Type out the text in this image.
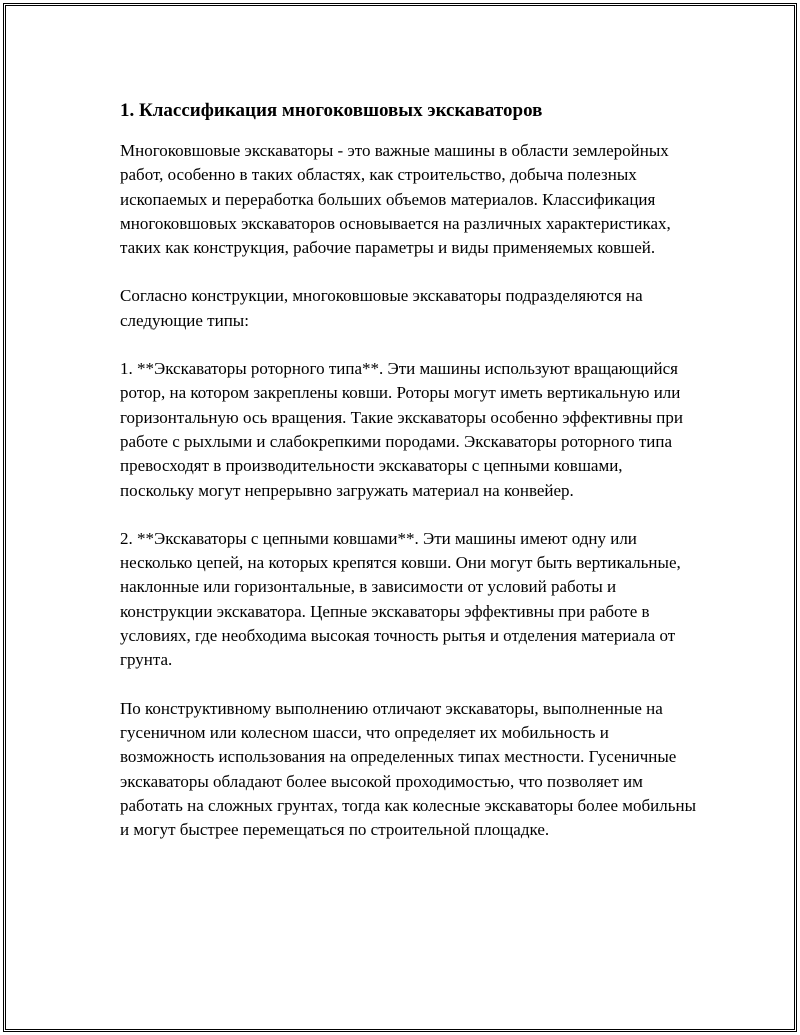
1. Классификация многоковшовых экскаваторов

Многоковшовые экскаваторы - это важные машины в области землеройных работ, особенно в таких областях, как строительство, добыча полезных ископаемых и переработка больших объемов материалов. Классификация многоковшовых экскаваторов основывается на различных характеристиках, таких как конструкция, рабочие параметры и виды применяемых ковшей.

Согласно конструкции, многоковшовые экскаваторы подразделяются на следующие типы:

1. **Экскаваторы роторного типа**. Эти машины используют вращающийся ротор, на котором закреплены ковши. Роторы могут иметь вертикальную или горизонтальную ось вращения. Такие экскаваторы особенно эффективны при работе с рыхлыми и слабокрепкими породами. Экскаваторы роторного типа превосходят в производительности экскаваторы с цепными ковшами, поскольку могут непрерывно загружать материал на конвейер.

2. **Экскаваторы с цепными ковшами**. Эти машины имеют одну или несколько цепей, на которых крепятся ковши. Они могут быть вертикальные, наклонные или горизонтальные, в зависимости от условий работы и конструкции экскаватора. Цепные экскаваторы эффективны при работе в условиях, где необходима высокая точность рытья и отделения материала от грунта.

По конструктивному выполнению отличают экскаваторы, выполненные на гусеничном или колесном шасси, что определяет их мобильность и возможность использования на определенных типах местности. Гусеничные экскаваторы обладают более высокой проходимостью, что позволяет им работать на сложных грунтах, тогда как колесные экскаваторы более мобильны и могут быстрее перемещаться по строительной площадке.
